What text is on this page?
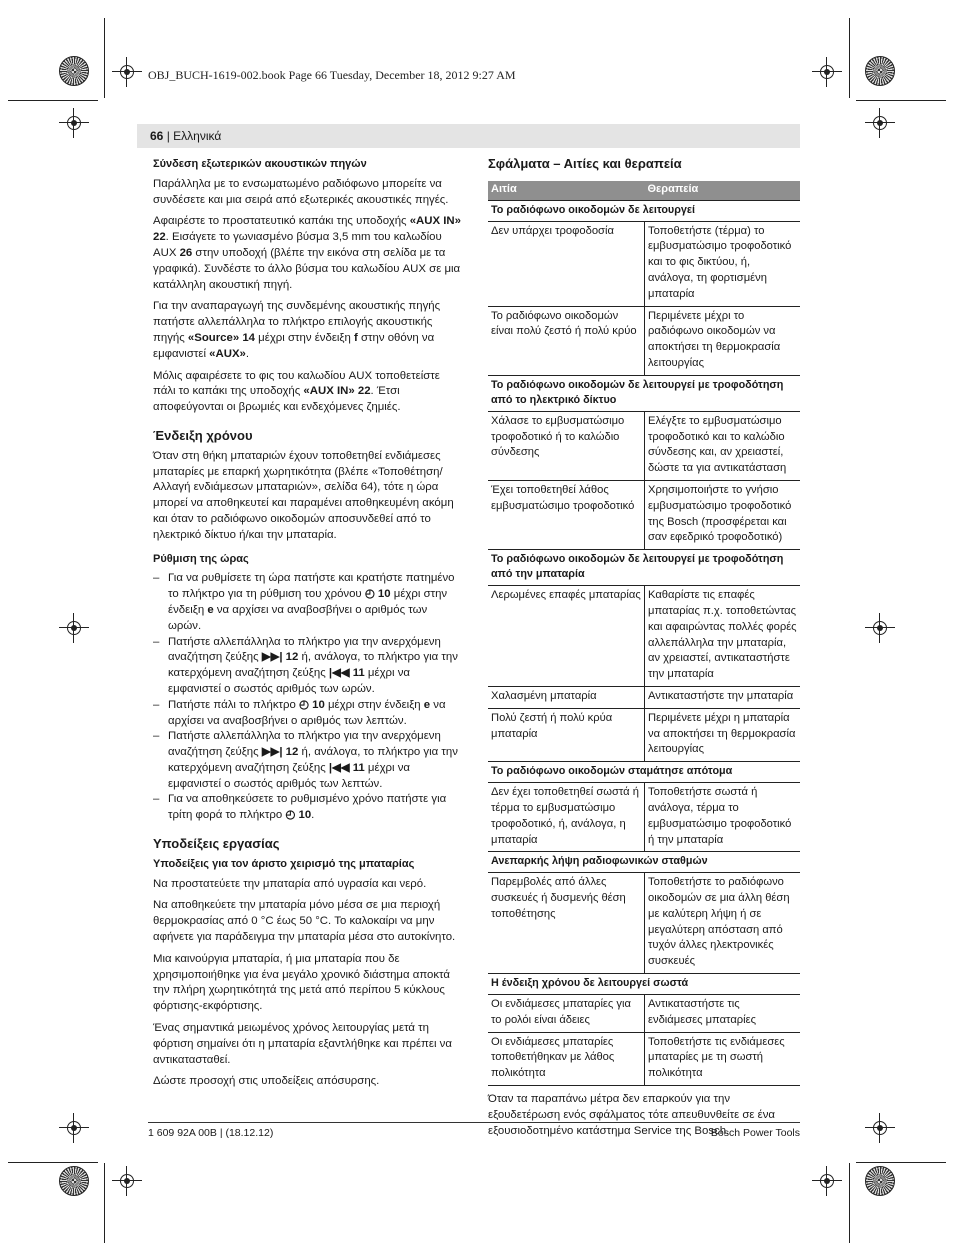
OBJ_BUCH-1619-002.book Page 66 Tuesday, December 18, 2012 9:27 AM
66 | Ελληνικά
Σύνδεση εξωτερικών ακουστικών πηγών

Παράλληλα με το ενσωματωμένο ραδιόφωνο μπορείτε να συνδέσετε και μια σειρά από εξωτερικές ακουστικές πηγές.

Αφαιρέστε το προστατευτικό καπάκι της υποδοχής «AUX IN» 22. Εισάγετε το γωνιασμένο βύσμα 3,5 mm του καλωδίου AUX 26 στην υποδοχή (βλέπε την εικόνα στη σελίδα με τα γραφικά). Συνδέστε το άλλο βύσμα του καλωδίου AUX σε μια κατάλληλη ακουστική πηγή.

Για την αναπαραγωγή της συνδεμένης ακουστικής πηγής πατήστε αλλεπάλληλα το πλήκτρο επιλογής ακουστικής πηγής «Source» 14 μέχρι στην ένδειξη f στην οθόνη να εμφανιστεί «AUX».

Μόλις αφαιρέσετε το φις του καλωδίου AUX τοποθετείστε πάλι το καπάκι της υποδοχής «AUX IN» 22. Έτσι αποφεύγονται οι βρωμιές και ενδεχόμενες ζημιές.

Ένδειξη χρόνου

Όταν στη θήκη μπαταριών έχουν τοποθετηθεί ενδιάμεσες μπαταρίες με επαρκή χωρητικότητα (βλέπε «Τοποθέτηση/Αλλαγή ενδιάμεσων μπαταριών», σελίδα 64), τότε η ώρα μπορεί να αποθηκευτεί και παραμένει αποθηκευμένη ακόμη και όταν το ραδιόφωνο οικοδομών αποσυνδεθεί από το ηλεκτρικό δίκτυο ή/και την μπαταρία.

Ρύθμιση της ώρας
– Για να ρυθμίσετε τη ώρα πατήστε και κρατήστε πατημένο το πλήκτρο για τη ρύθμιση του χρόνου ◴ 10 μέχρι στην ένδειξη e να αρχίσει να αναβοσβήνει ο αριθμός των ωρών.
– Πατήστε αλλεπάλληλα το πλήκτρο για την ανερχόμενη αναζήτηση ζεύξης ▶▶| 12 ή, ανάλογα, το πλήκτρο για την κατερχόμενη αναζήτηση ζεύξης |◀◀ 11 μέχρι να εμφανιστεί ο σωστός αριθμός των ωρών.
– Πατήστε πάλι το πλήκτρο ◴ 10 μέχρι στην ένδειξη e να αρχίσει να αναβοσβήνει ο αριθμός των λεπτών.
– Πατήστε αλλεπάλληλα το πλήκτρο για την ανερχόμενη αναζήτηση ζεύξης ▶▶| 12 ή, ανάλογα, το πλήκτρο για την κατερχόμενη αναζήτηση ζεύξης |◀◀ 11 μέχρι να εμφανιστεί ο σωστός αριθμός των λεπτών.
– Για να αποθηκεύσετε το ρυθμισμένο χρόνο πατήστε για τρίτη φορά το πλήκτρο ◴ 10.
Υποδείξεις εργασίας
Υποδείξεις για τον άριστο χειρισμό της μπαταρίας

Να προστατεύετε την μπαταρία από υγρασία και νερό.

Να αποθηκεύετε την μπαταρία μόνο μέσα σε μια περιοχή θερμοκρασίας από 0 °C έως 50 °C. Το καλοκαίρι να μην αφήνετε για παράδειγμα την μπαταρία μέσα στο αυτοκίνητο.

Μια καινούργια μπαταρία, ή μια μπαταρία που δε χρησιμοποιήθηκε για ένα μεγάλο χρονικό διάστημα αποκτά την πλήρη χωρητικότητά της μετά από περίπου 5 κύκλους φόρτισης-εκφόρτισης.

Ένας σημαντικά μειωμένος χρόνος λειτουργίας μετά τη φόρτιση σημαίνει ότι η μπαταρία εξαντλήθηκε και πρέπει να αντικατασταθεί.

Δώστε προσοχή στις υποδείξεις απόσυρσης.

Σφάλματα – Αιτίες και θεραπεία
Αιτία	Θεραπεία
Το ραδιόφωνο οικοδομών δε λειτουργεί	
Δεν υπάρχει τροφοδοσία	Τοποθετήστε (τέρμα) το εμβυσματώσιμο τροφοδοτικό και το φις δικτύου, ή, ανάλογα, τη φορτισμένη μπαταρία
Το ραδιόφωνο οικοδομών είναι πολύ ζεστό ή πολύ κρύο	Περιμένετε μέχρι το ραδιόφωνο οικοδομών να αποκτήσει τη θερμοκρασία λειτουργίας
Το ραδιόφωνο οικοδομών δε λειτουργεί με τροφοδότηση από το ηλεκτρικό δίκτυο	
Χάλασε το εμβυσματώσιμο τροφοδοτικό ή το καλώδιο σύνδεσης	Ελέγξτε το εμβυσματώσιμο τροφοδοτικό και το καλώδιο σύνδεσης και, αν χρειαστεί, δώστε τα για αντικατάσταση
Έχει τοποθετηθεί λάθος εμβυσματώσιμο τροφοδοτικό	Χρησιμοποιήστε το γνήσιο εμβυσματώσιμο τροφοδοτικό της Bosch (προσφέρεται και σαν εφεδρικό τροφοδοτικό)
Το ραδιόφωνο οικοδομών δε λειτουργεί με τροφοδότηση από την μπαταρία	
Λερωμένες επαφές μπαταρίας	Καθαρίστε τις επαφές μπαταρίας π.χ. τοποθετώντας και αφαιρώντας πολλές φορές αλλεπάλληλα την μπαταρία, αν χρειαστεί, αντικαταστήστε την μπαταρία
Χαλασμένη μπαταρία	Αντικαταστήστε την μπαταρία
Πολύ ζεστή ή πολύ κρύα μπαταρία	Περιμένετε μέχρι η μπαταρία να αποκτήσει τη θερμοκρασία λειτουργίας
Το ραδιόφωνο οικοδομών σταμάτησε απότομα	
Δεν έχει τοποθετηθεί σωστά ή τέρμα το εμβυσματώσιμο τροφοδοτικό, ή, ανάλογα, η μπαταρία	Τοποθετήστε σωστά ή ανάλογα, τέρμα το εμβυσματώσιμο τροφοδοτικό ή την μπαταρία
Ανεπαρκής λήψη ραδιοφωνικών σταθμών	
Παρεμβολές από άλλες συσκευές ή δυσμενής θέση τοποθέτησης	Τοποθετήστε το ραδιόφωνο οικοδομών σε μια άλλη θέση με καλύτερη λήψη ή σε μεγαλύτερη απόσταση από τυχόν άλλες ηλεκτρονικές συσκευές
Η ένδειξη χρόνου δε λειτουργεί σωστά	
Οι ενδιάμεσες μπαταρίες για το ρολόι είναι άδειες	Αντικαταστήστε τις ενδιάμεσες μπαταρίες
Οι ενδιάμεσες μπαταρίες τοποθετήθηκαν με λάθος πολικότητα	Τοποθετήστε τις ενδιάμεσες μπαταρίες με τη σωστή πολικότητα

Όταν τα παραπάνω μέτρα δεν επαρκούν για την εξουδετέρωση ενός σφάλματος τότε απευθυνθείτε σε ένα εξουσιοδοτημένο κατάστημα Service της Bosch.

1 609 92A 00B | (18.12.12)	Bosch Power Tools
